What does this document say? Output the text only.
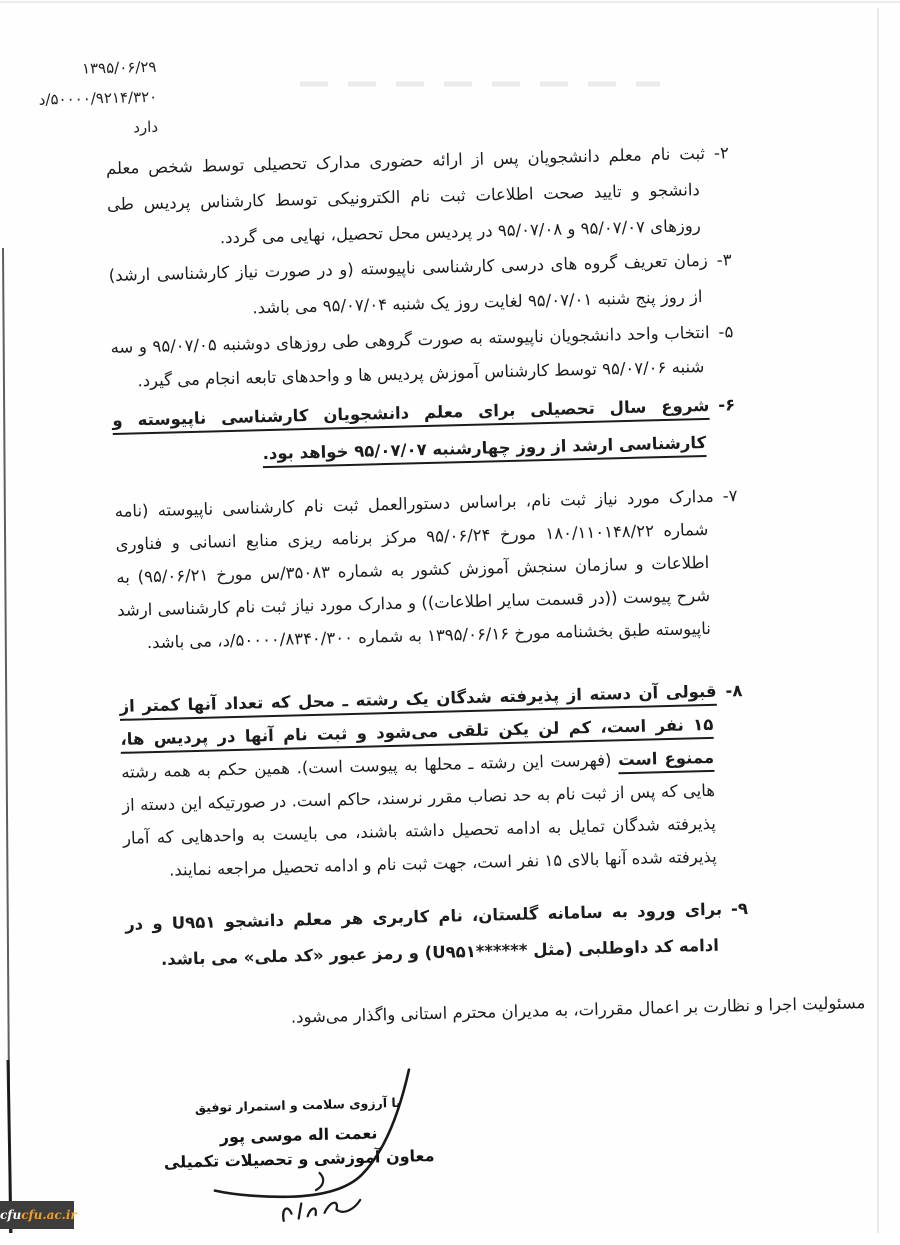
۱۳۹۵/۰۶/۲۹
۵۰۰۰۰/۹۲۱۴/۳۲۰/د
دارد
۲-ثبت نام معلم دانشجویان پس از ارائه حضوری مدارک تحصیلی توسط شخص معلم دانشجو و تایید صحت اطلاعات ثبت نام الکترونیکی توسط کارشناس پردیس طی روزهای ۹۵/۰۷/۰۷ و ۹۵/۰۷/۰۸ در پردیس محل تحصیل، نهایی می گردد.
۳-زمان تعریف گروه های درسی کارشناسی ناپیوسته (و در صورت نیاز کارشناسی ارشد) از روز پنج شنبه ۹۵/۰۷/۰۱ لغایت روز یک شنبه ۹۵/۰۷/۰۴ می باشد.
۵-انتخاب واحد دانشجویان ناپیوسته به صورت گروهی طی روزهای دوشنبه ۹۵/۰۷/۰۵ و سه شنبه ۹۵/۰۷/۰۶ توسط کارشناس آموزش پردیس ها و واحدهای تابعه انجام می گیرد.
۶-شروع سال تحصیلی برای معلم دانشجویان کارشناسی ناپیوسته و کارشناسی ارشد از روز چهارشنبه ۹۵/۰۷/۰۷ خواهد بود.
۷-مدارک مورد نیاز ثبت نام، براساس دستورالعمل ثبت نام کارشناسی ناپیوسته (نامه شماره ۱۸۰/۱۱۰۱۴۸/۲۲ مورخ ۹۵/۰۶/۲۴ مرکز برنامه ریزی منابع انسانی و فناوری اطلاعات و سازمان سنجش آموزش کشور به شماره ۳۵۰۸۳/س مورخ ۹۵/۰۶/۲۱) به شرح پیوست ((در قسمت سایر اطلاعات)) و مدارک مورد نیاز ثبت نام کارشناسی ارشد ناپیوسته طبق بخشنامه مورخ ۱۳۹۵/۰۶/۱۶ به شماره ۵۰۰۰۰/۸۳۴۰/۳۰۰/د، می باشد.
۸-قبولی آن دسته از پذیرفته شدگان یک رشته ـ محل که تعداد آنها کمتر از ۱۵ نفر است، کم لن یکن تلقی می‌شود و ثبت نام آنها در پردیس ها، ممنوع است (فهرست این رشته ـ محلها به پیوست است). همین حکم به همه رشته هایی که پس از ثبت نام به حد نصاب مقرر نرسند، حاکم است. در صورتیکه این دسته از پذیرفته شدگان تمایل به ادامه تحصیل داشته باشند، می بایست به واحدهایی که آمار پذیرفته شده آنها بالای ۱۵ نفر است، جهت ثبت نام و ادامه تحصیل مراجعه نمایند.
۹-برای ورود به سامانه گلستان، نام کاربری هر معلم دانشجو U۹۵۱ و در ادامه کد داوطلبی (مثل ******U۹۵۱) و رمز عبور «کد ملی» می باشد.
مسئولیت اجرا و نظارت بر اعمال مقررات، به مدیران محترم استانی واگذار می‌شود.
با آرزوی سلامت و استمرار توفیق
نعمت اله موسی پور
معاون آموزشی و تحصیلات تکمیلی
cfucfu.ac.ir
